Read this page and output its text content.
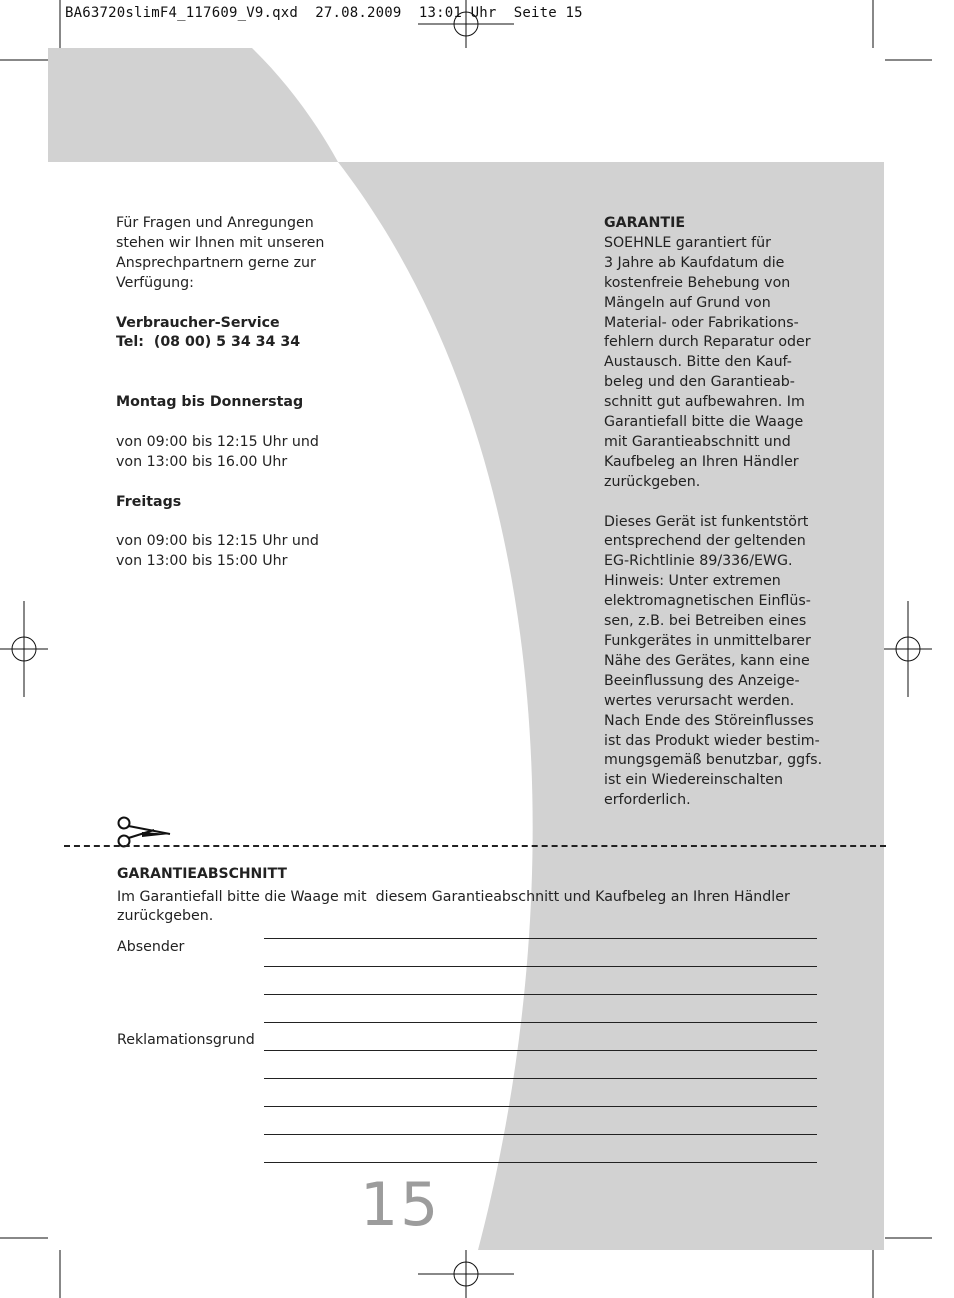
BA63720slimF4_117609_V9.qxd 27.08.2009 13:01 Uhr Seite 15

Für Fragen und Anregungen

stehen wir Ihnen mit unseren

Ansprechpartnern gerne zur

Verfügung:

Verbraucher-Service

Tel:  (08 00) 5 34 34 34

Montag bis Donnerstag

von 09:00 bis 12:15 Uhr und

von 13:00 bis 16.00 Uhr

Freitags

von 09:00 bis 12:15 Uhr und

von 13:00 bis 15:00 Uhr

GARANTIE

SOEHNLE garantiert für

3 Jahre ab Kaufdatum die

kostenfreie Behebung von

Mängeln auf Grund von

Material- oder Fabrikations-

fehlern durch Reparatur oder

Austausch. Bitte den Kauf-

beleg und den Garantieab-

schnitt gut aufbewahren. Im

Garantiefall bitte die Waage

mit Garantieabschnitt und

Kaufbeleg an Ihren Händler

zurückgeben.

Dieses Gerät ist funkentstört

entsprechend der geltenden

EG-Richtlinie 89/336/EWG.

Hinweis: Unter extremen

elektromagnetischen Einflüs-

sen, z.B. bei Betreiben eines

Funkgerätes in unmittelbarer

Nähe des Gerätes, kann eine

Beeinflussung des Anzeige-

wertes verursacht werden.

Nach Ende des Störeinflusses

ist das Produkt wieder bestim-

mungsgemäß benutzbar, ggfs.

ist ein Wiedereinschalten

erforderlich.

GARANTIEABSCHNITT
Im Garantiefall bitte die Waage mit  diesem Garantieabschnitt und Kaufbeleg an Ihren Händler zurückgeben.
Absender
Reklamationsgrund
15
